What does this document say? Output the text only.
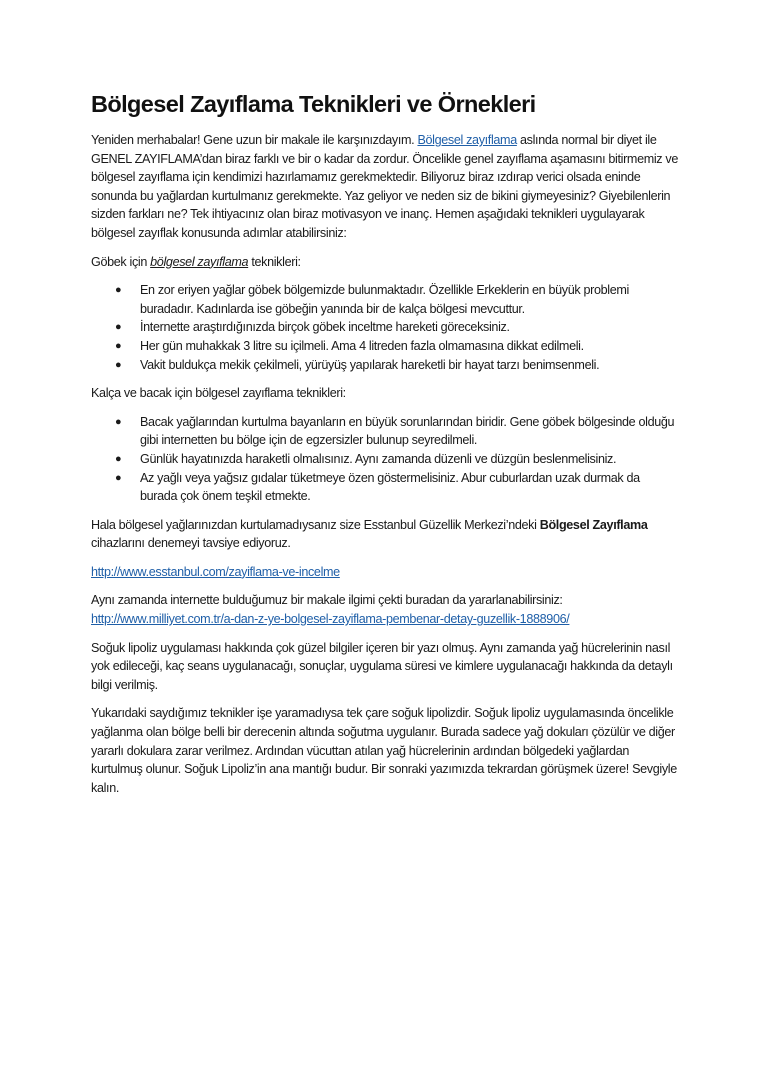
Bölgesel Zayıflama Teknikleri ve Örnekleri

Yeniden merhabalar! Gene uzun bir makale ile karşınızdayım. Bölgesel zayıflama aslında normal bir diyet ile GENEL ZAYIFLAMA’dan biraz farklı ve bir o kadar da zordur. Öncelikle genel zayıflama aşamasını bitirmemiz ve bölgesel zayıflama için kendimizi hazırlamamız gerekmektedir. Biliyoruz biraz ızdırap verici olsada eninde sonunda bu yağlardan kurtulmanız gerekmekte. Yaz geliyor ve neden siz de bikini giymeyesiniz? Giyebilenlerin sizden farkları ne? Tek ihtiyacınız olan biraz motivasyon ve inanç. Hemen aşağıdaki teknikleri uygulayarak bölgesel zayıflak konusunda adımlar atabilirsiniz:

Göbek için bölgesel zayıflama teknikleri:

● En zor eriyen yağlar göbek bölgemizde bulunmaktadır. Özellikle Erkeklerin en büyük problemi buradadır. Kadınlarda ise göbeğin yanında bir de kalça bölgesi mevcuttur.
● İnternette araştırdığınızda birçok göbek inceltme hareketi göreceksiniz.
● Her gün muhakkak 3 litre su içilmeli. Ama 4 litreden fazla olmamasına dikkat edilmeli.
● Vakit buldukça mekik çekilmeli, yürüyüş yapılarak hareketli bir hayat tarzı benimsenmeli.

Kalça ve bacak için bölgesel zayıflama teknikleri:

● Bacak yağlarından kurtulma bayanların en büyük sorunlarından biridir. Gene göbek bölgesinde olduğu gibi internetten bu bölge için de egzersizler bulunup seyredilmeli.
● Günlük hayatınızda haraketli olmalısınız. Aynı zamanda düzenli ve düzgün beslenmelisiniz.
● Az yağlı veya yağsız gıdalar tüketmeye özen göstermelisiniz. Abur cuburlardan uzak durmak da burada çok önem teşkil etmekte.

Hala bölgesel yağlarınızdan kurtulamadıysanız size Esstanbul Güzellik Merkezi’ndeki Bölgesel Zayıflama cihazlarını denemeyi tavsiye ediyoruz.

http://www.esstanbul.com/zayiflama-ve-incelme

Aynı zamanda internette bulduğumuz bir makale ilgimi çekti buradan da yararlanabilirsiniz:
http://www.milliyet.com.tr/a-dan-z-ye-bolgesel-zayiflama-pembenar-detay-guzellik-1888906/

Soğuk lipoliz uygulaması hakkında çok güzel bilgiler içeren bir yazı olmuş. Aynı zamanda yağ hücrelerinin nasıl yok edileceği, kaç seans uygulanacağı, sonuçlar, uygulama süresi ve kimlere uygulanacağı hakkında da detaylı bilgi verilmiş.

Yukarıdaki saydığımız teknikler işe yaramadıysa tek çare soğuk lipolizdir. Soğuk lipoliz uygulamasında öncelikle yağlanma olan bölge belli bir derecenin altında soğutma uygulanır. Burada sadece yağ dokuları çözülür ve diğer yararlı dokulara zarar verilmez. Ardından vücuttan atılan yağ hücrelerinin ardından bölgedeki yağlardan kurtulmuş olunur. Soğuk Lipoliz’in ana mantığı budur. Bir sonraki yazımızda tekrardan görüşmek üzere! Sevgiyle kalın.
